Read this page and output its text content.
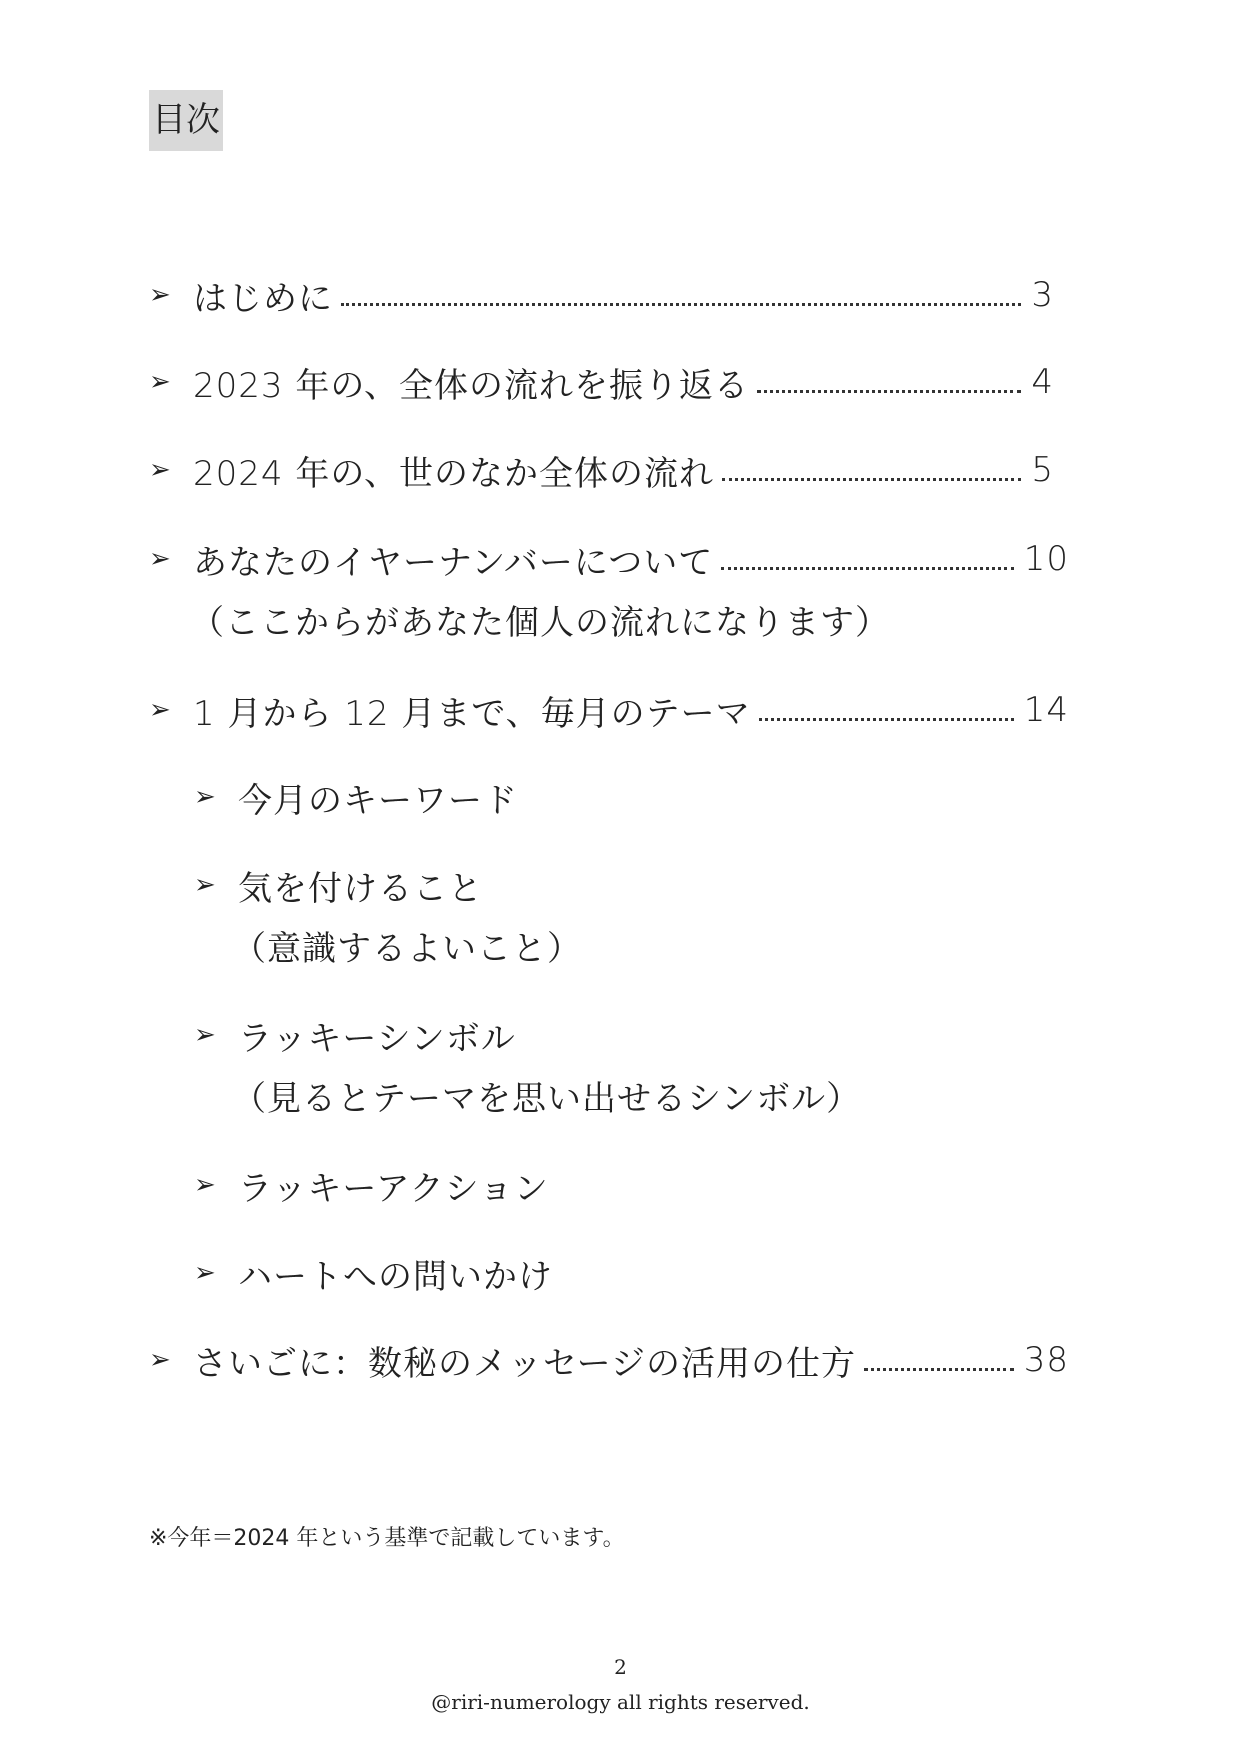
目次
➢ はじめに	3
➢ 2023 年の、全体の流れを振り返る	4
➢ 2024 年の、世のなか全体の流れ	5
➢ あなたのイヤーナンバーについて	10
（ここからがあなた個人の流れになります）
➢ 1 月から 12 月まで、毎月のテーマ	14
➢ 今月のキーワード
➢ 気を付けること
（意識するよいこと）
➢ ラッキーシンボル
（見るとテーマを思い出せるシンボル）
➢ ラッキーアクション
➢ ハートへの問いかけ
➢ さいごに：数秘のメッセージの活用の仕方	38
※今年＝2024 年という基準で記載しています。
2
@riri-numerology all rights reserved.
